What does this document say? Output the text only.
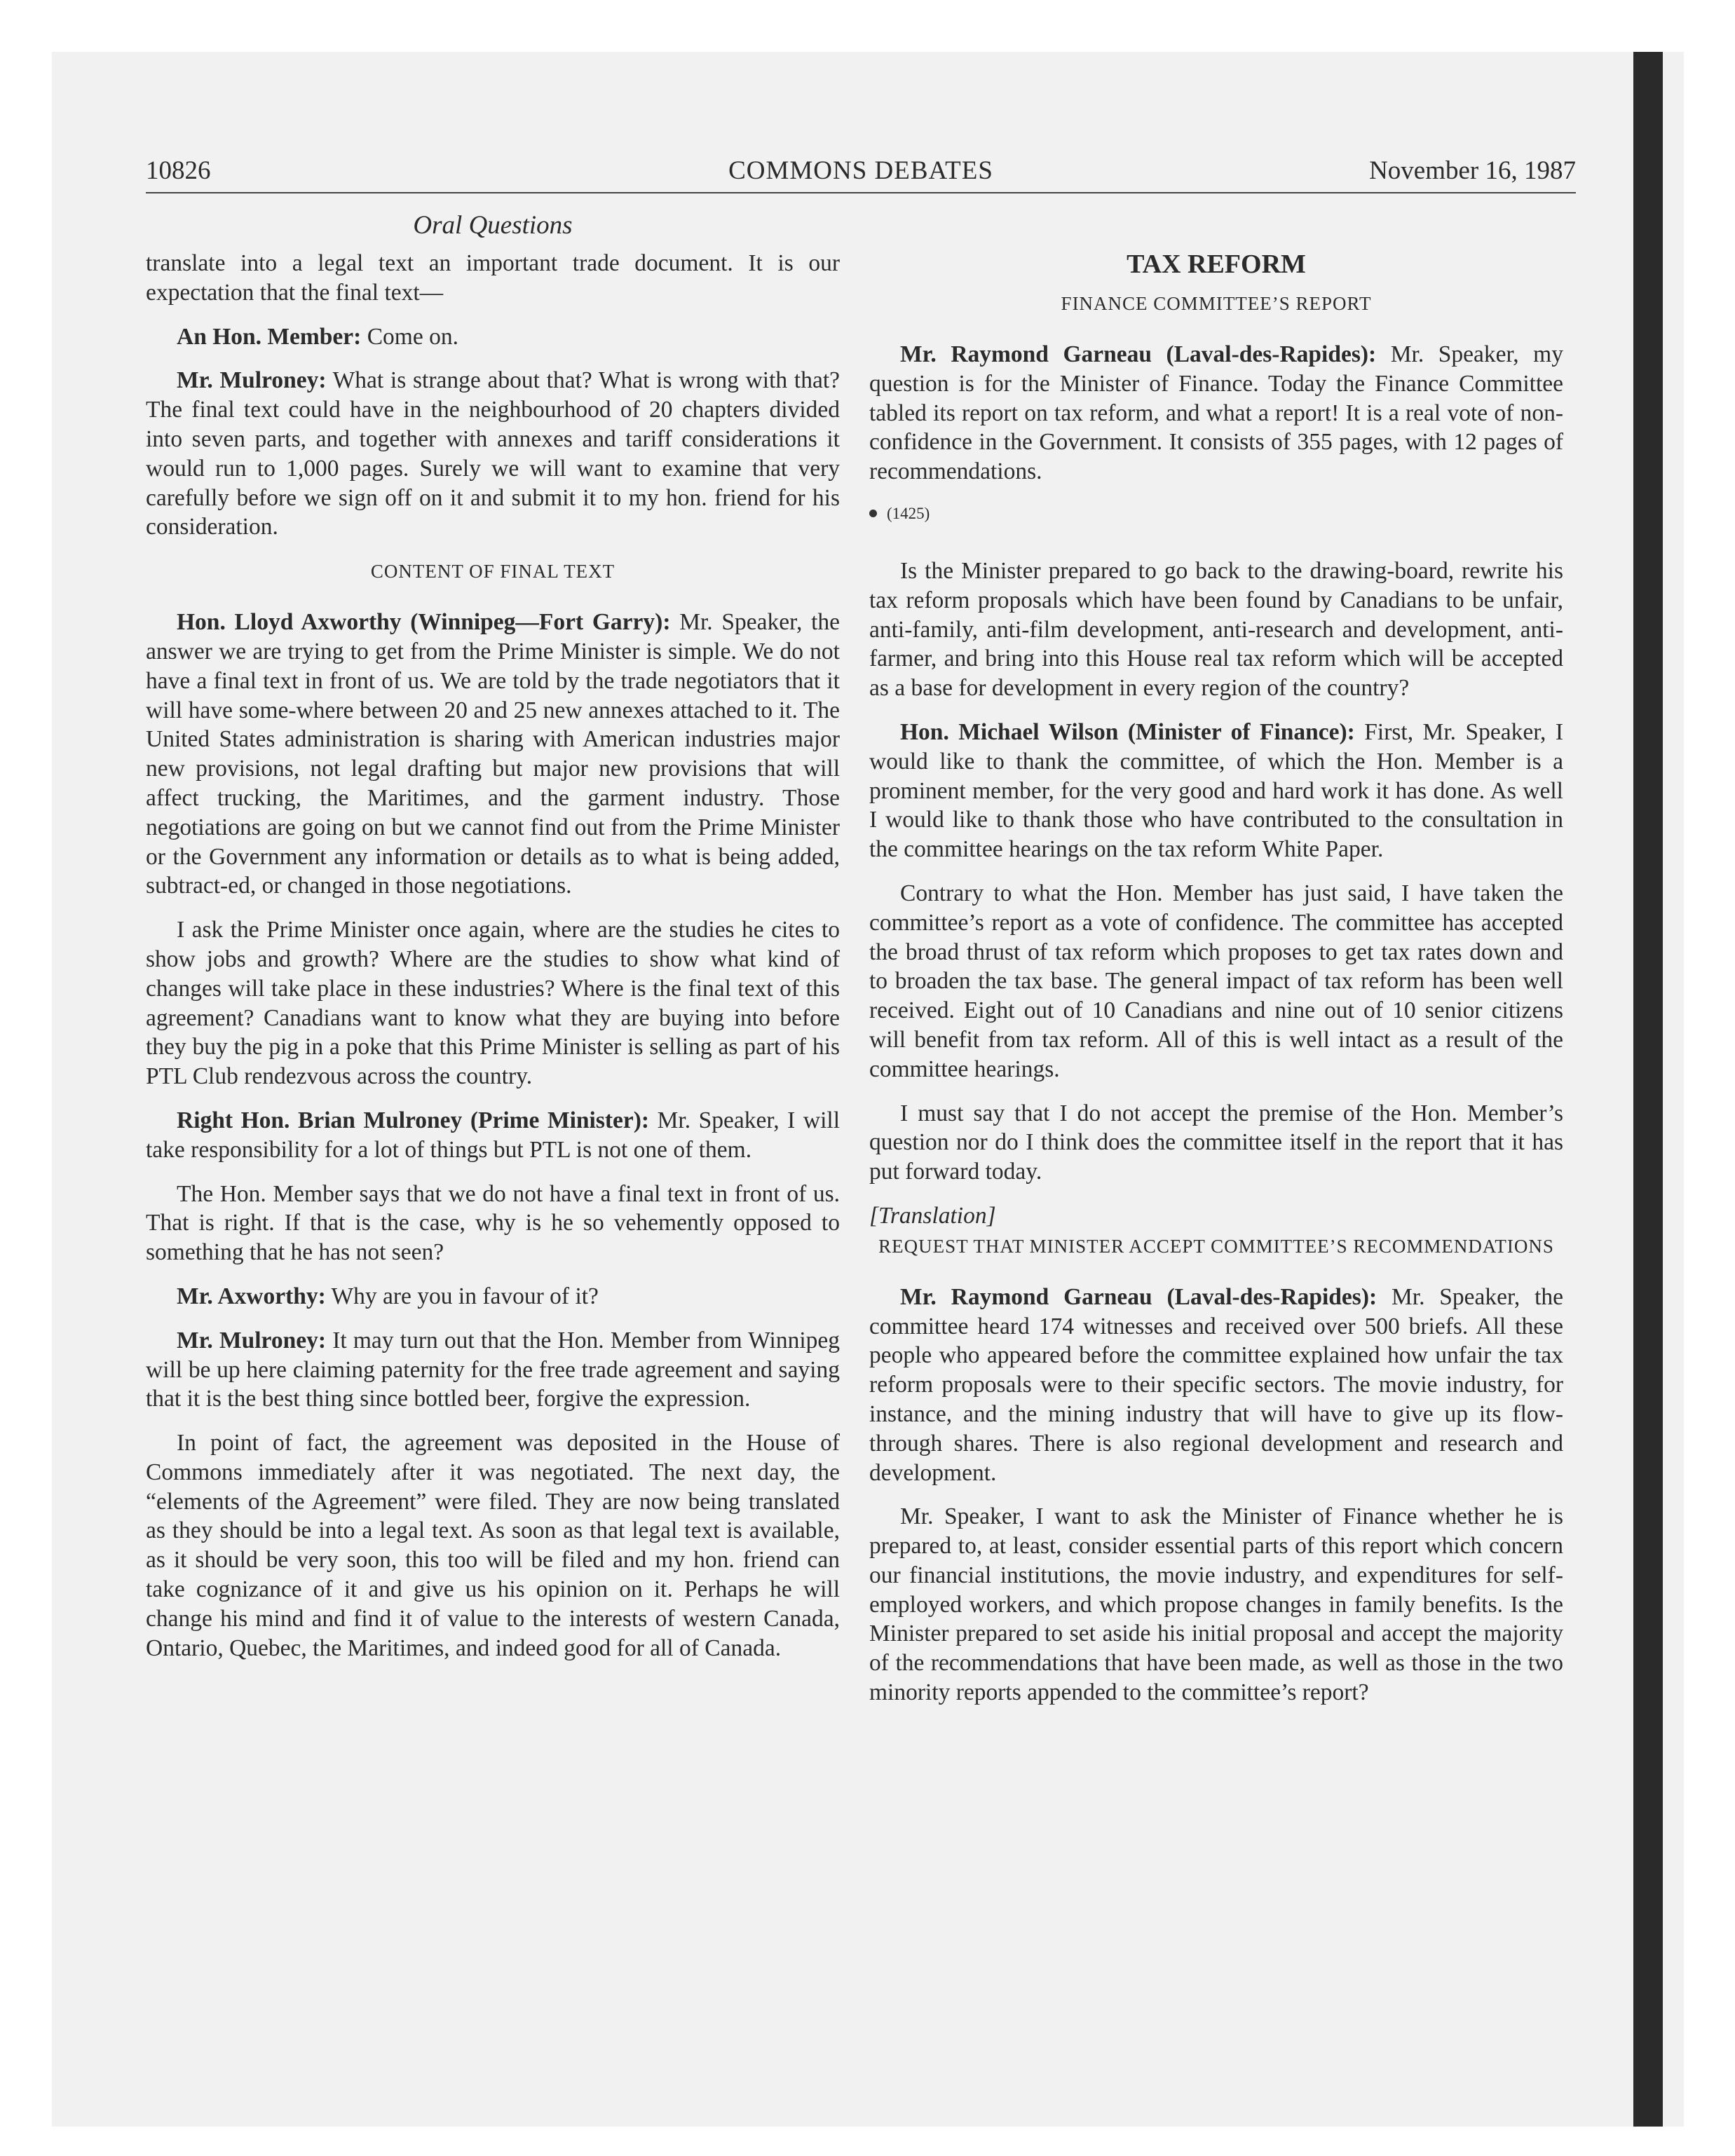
10826	COMMONS DEBATES	November 16, 1987
Oral Questions

translate into a legal text an important trade document. It is our expectation that the final text—

An Hon. Member: Come on.

Mr. Mulroney: What is strange about that? What is wrong with that? The final text could have in the neighbourhood of 20 chapters divided into seven parts, and together with annexes and tariff considerations it would run to 1,000 pages. Surely we will want to examine that very carefully before we sign off on it and submit it to my hon. friend for his consideration.

CONTENT OF FINAL TEXT

Hon. Lloyd Axworthy (Winnipeg—Fort Garry): Mr. Speaker, the answer we are trying to get from the Prime Minister is simple. We do not have a final text in front of us. We are told by the trade negotiators that it will have some-where between 20 and 25 new annexes attached to it. The United States administration is sharing with American industries major new provisions, not legal drafting but major new provisions that will affect trucking, the Maritimes, and the garment industry. Those negotiations are going on but we cannot find out from the Prime Minister or the Government any information or details as to what is being added, subtract-ed, or changed in those negotiations.

I ask the Prime Minister once again, where are the studies he cites to show jobs and growth? Where are the studies to show what kind of changes will take place in these industries? Where is the final text of this agreement? Canadians want to know what they are buying into before they buy the pig in a poke that this Prime Minister is selling as part of his PTL Club rendezvous across the country.

Right Hon. Brian Mulroney (Prime Minister): Mr. Speaker, I will take responsibility for a lot of things but PTL is not one of them.

The Hon. Member says that we do not have a final text in front of us. That is right. If that is the case, why is he so vehemently opposed to something that he has not seen?

Mr. Axworthy: Why are you in favour of it?

Mr. Mulroney: It may turn out that the Hon. Member from Winnipeg will be up here claiming paternity for the free trade agreement and saying that it is the best thing since bottled beer, forgive the expression.

In point of fact, the agreement was deposited in the House of Commons immediately after it was negotiated. The next day, the “elements of the Agreement” were filed. They are now being translated as they should be into a legal text. As soon as that legal text is available, as it should be very soon, this too will be filed and my hon. friend can take cognizance of it and give us his opinion on it. Perhaps he will change his mind and find it of value to the interests of western Canada, Ontario, Quebec, the Maritimes, and indeed good for all of Canada.

TAX REFORM
FINANCE COMMITTEE’S REPORT

Mr. Raymond Garneau (Laval-des-Rapides): Mr. Speaker, my question is for the Minister of Finance. Today the Finance Committee tabled its report on tax reform, and what a report! It is a real vote of non-confidence in the Government. It consists of 355 pages, with 12 pages of recommendations.

(1425)

Is the Minister prepared to go back to the drawing-board, rewrite his tax reform proposals which have been found by Canadians to be unfair, anti-family, anti-film development, anti-research and development, anti-farmer, and bring into this House real tax reform which will be accepted as a base for development in every region of the country?

Hon. Michael Wilson (Minister of Finance): First, Mr. Speaker, I would like to thank the committee, of which the Hon. Member is a prominent member, for the very good and hard work it has done. As well I would like to thank those who have contributed to the consultation in the committee hearings on the tax reform White Paper.

Contrary to what the Hon. Member has just said, I have taken the committee’s report as a vote of confidence. The committee has accepted the broad thrust of tax reform which proposes to get tax rates down and to broaden the tax base. The general impact of tax reform has been well received. Eight out of 10 Canadians and nine out of 10 senior citizens will benefit from tax reform. All of this is well intact as a result of the committee hearings.

I must say that I do not accept the premise of the Hon. Member’s question nor do I think does the committee itself in the report that it has put forward today.

[Translation]

REQUEST THAT MINISTER ACCEPT COMMITTEE’S RECOMMENDATIONS

Mr. Raymond Garneau (Laval-des-Rapides): Mr. Speaker, the committee heard 174 witnesses and received over 500 briefs. All these people who appeared before the committee explained how unfair the tax reform proposals were to their specific sectors. The movie industry, for instance, and the mining industry that will have to give up its flow-through shares. There is also regional development and research and development.

Mr. Speaker, I want to ask the Minister of Finance whether he is prepared to, at least, consider essential parts of this report which concern our financial institutions, the movie industry, and expenditures for self-employed workers, and which propose changes in family benefits. Is the Minister prepared to set aside his initial proposal and accept the majority of the recommendations that have been made, as well as those in the two minority reports appended to the committee’s report?
